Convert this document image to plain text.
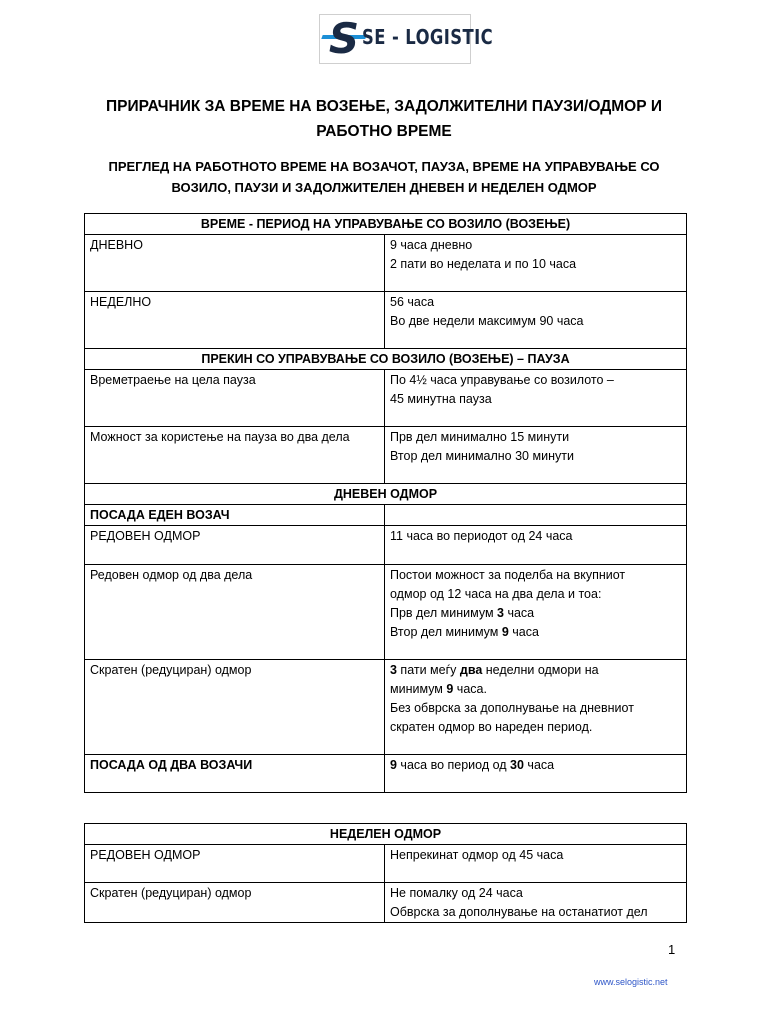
S SE - LOGISTIC
ПРИРАЧНИК ЗА ВРЕМЕ НА ВОЗЕЊЕ, ЗАДОЛЖИТЕЛНИ ПАУЗИ/ОДМОР И
РАБОТНО ВРЕМЕ
ПРЕГЛЕД НА РАБОТНОТО ВРЕМЕ НА ВОЗАЧОТ, ПАУЗА, ВРЕМЕ НА УПРАВУВАЊЕ СО
ВОЗИЛО, ПАУЗИ И ЗАДОЛЖИТЕЛЕН ДНЕВЕН И НЕДЕЛЕН ОДМОР
ВРЕМЕ - ПЕРИОД НА УПРАВУВАЊЕ СО ВОЗИЛО (ВОЗЕЊЕ)	
ДНЕВНО	9 часа дневно
2 пати во неделата и по 10 часа

НЕДЕЛНО	56 часа
Во две недели максимум 90 часа

ПРЕКИН СО УПРАВУВАЊЕ СО ВОЗИЛО (ВОЗЕЊЕ) – ПАУЗА	
Времетраење на цела пауза	По 4½ часа управување со возилото –
45 минутна пауза

Можност за користење на пауза во два дела	Прв дел минимално 15 минути
Втор дел минимално 30 минути

ДНЕВЕН ОДМОР	
ПОСАДА ЕДЕН ВОЗАЧ	
РЕДОВЕН ОДМОР	11 часа во периодот од 24 часа
Редовен одмор од два дела	Постои можност за поделба на вкупниот
одмор од 12 часа на два дела и тоа:
Прв дел минимум 3 часа
Втор дел минимум 9 часа

Скратен (редуциран) одмор	3 пати меѓу два неделни одмори на
минимум 9 часа.
Без обврска за дополнување на дневниот
скратен одмор во нареден период.

ПОСАДА ОД ДВА ВОЗАЧИ	9 часа во период од 30 часа
НЕДЕЛЕН ОДМОР	
РЕДОВЕН ОДМОР	Непрекинат одмор од 45 часа
Скратен (редуциран) одмор	Не помалку од 24 часа
Обврска за дополнување на останатиот дел
1
www.selogistic.net
